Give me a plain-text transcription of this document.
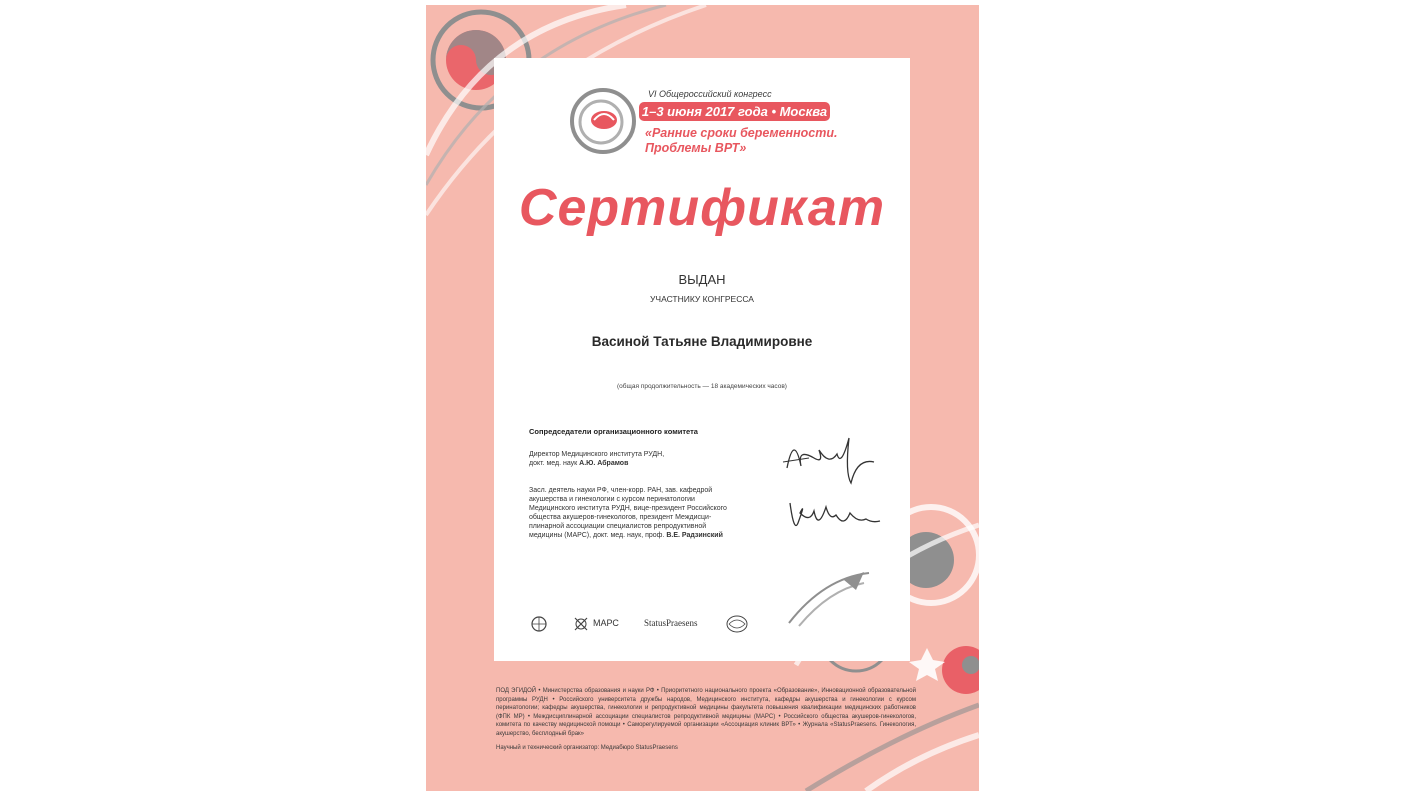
VI Общероссийский конгресс
1–3 июня 2017 года • Москва
«Ранние сроки беременности.
Проблемы ВРТ»
Сертификат
ВЫДАН
УЧАСТНИКУ КОНГРЕССА
Васиной Татьяне Владимировне
(общая продолжительность — 18 академических часов)
Сопредседатели организационного комитета
Директор Медицинского института РУДН,
докт. мед. наук А.Ю. Абрамов
Засл. деятель науки РФ, член-корр. РАН, зав. кафедрой
акушерства и гинекологии с курсом перинатологии
Медицинского института РУДН, вице-президент Российского
общества акушеров-гинекологов, президент Междисци-
плинарной ассоциации специалистов репродуктивной
медицины (МАРС), докт. мед. наук, проф. В.Е. Радзинский
МАРС	StatusPraesens
ПОД ЭГИДОЙ • Министерства образования и науки РФ • Приоритетного национального проекта «Образование», Инновационной образовательной программы РУДН • Российского университета дружбы народов, Медицинского института, кафедры акушерства и гинекологии с курсом перинатологии; кафедры акушерства, гинекологии и репродуктивной медицины факультета повышения квалификации медицинских работников (ФПК МР) • Междисциплинарной ассоциации специалистов репродуктивной медицины (МАРС) • Российского общества акушеров-гинекологов, комитета по качеству медицинской помощи • Саморегулируемой организации «Ассоциация клиник ВРТ» • Журнала «StatusPraesens. Гинекология, акушерство, бесплодный брак»
Научный и технический организатор: Медиабюро StatusPraesens
